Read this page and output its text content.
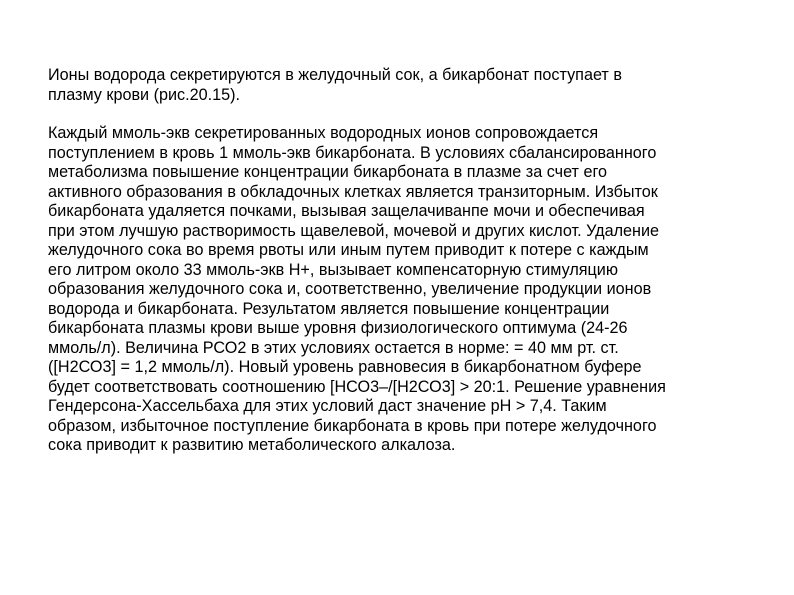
Ионы водорода секретируются в желудочный сок, а бикарбонат поступает в
плазму крови (рис.20.15).

Каждый ммоль-экв секретированных водородных ионов сопровождается
поступлением в кровь 1 ммоль-экв бикарбоната. В условиях сбалансированного
метаболизма повышение концентрации бикарбоната в плазме за счет его
активного образования в обкладочных клетках является транзиторным. Избыток
бикарбоната удаляется почками, вызывая защелачиванпе мочи и обеспечивая
при этом лучшую растворимость щавелевой, мочевой и других кислот. Удаление
желудочного сока во время рвоты или иным путем приводит к потере с каждым
его литром около 33 ммоль-экв Н+, вызывает компенсаторную стимуляцию
образования желудочного сока и, соответственно, увеличение продукции ионов
водорода и бикарбоната. Результатом является повышение концентрации
бикарбоната плазмы крови выше уровня физиологического оптимума (24-26
ммоль/л). Величина РСО2 в этих условиях остается в норме: = 40 мм рт. ст.
([Н2СО3] = 1,2 ммоль/л). Новый уровень равновесия в бикарбонатном буфере
будет соответствовать соотношению [НСО3–/[Н2СО3] > 20:1. Решение уравнения
Гендерсона-Хассельбаха для этих условий даст значение рН > 7,4. Таким
образом, избыточное поступление бикарбоната в кровь при потере желудочного
сока приводит к развитию метаболического алкалоза.
